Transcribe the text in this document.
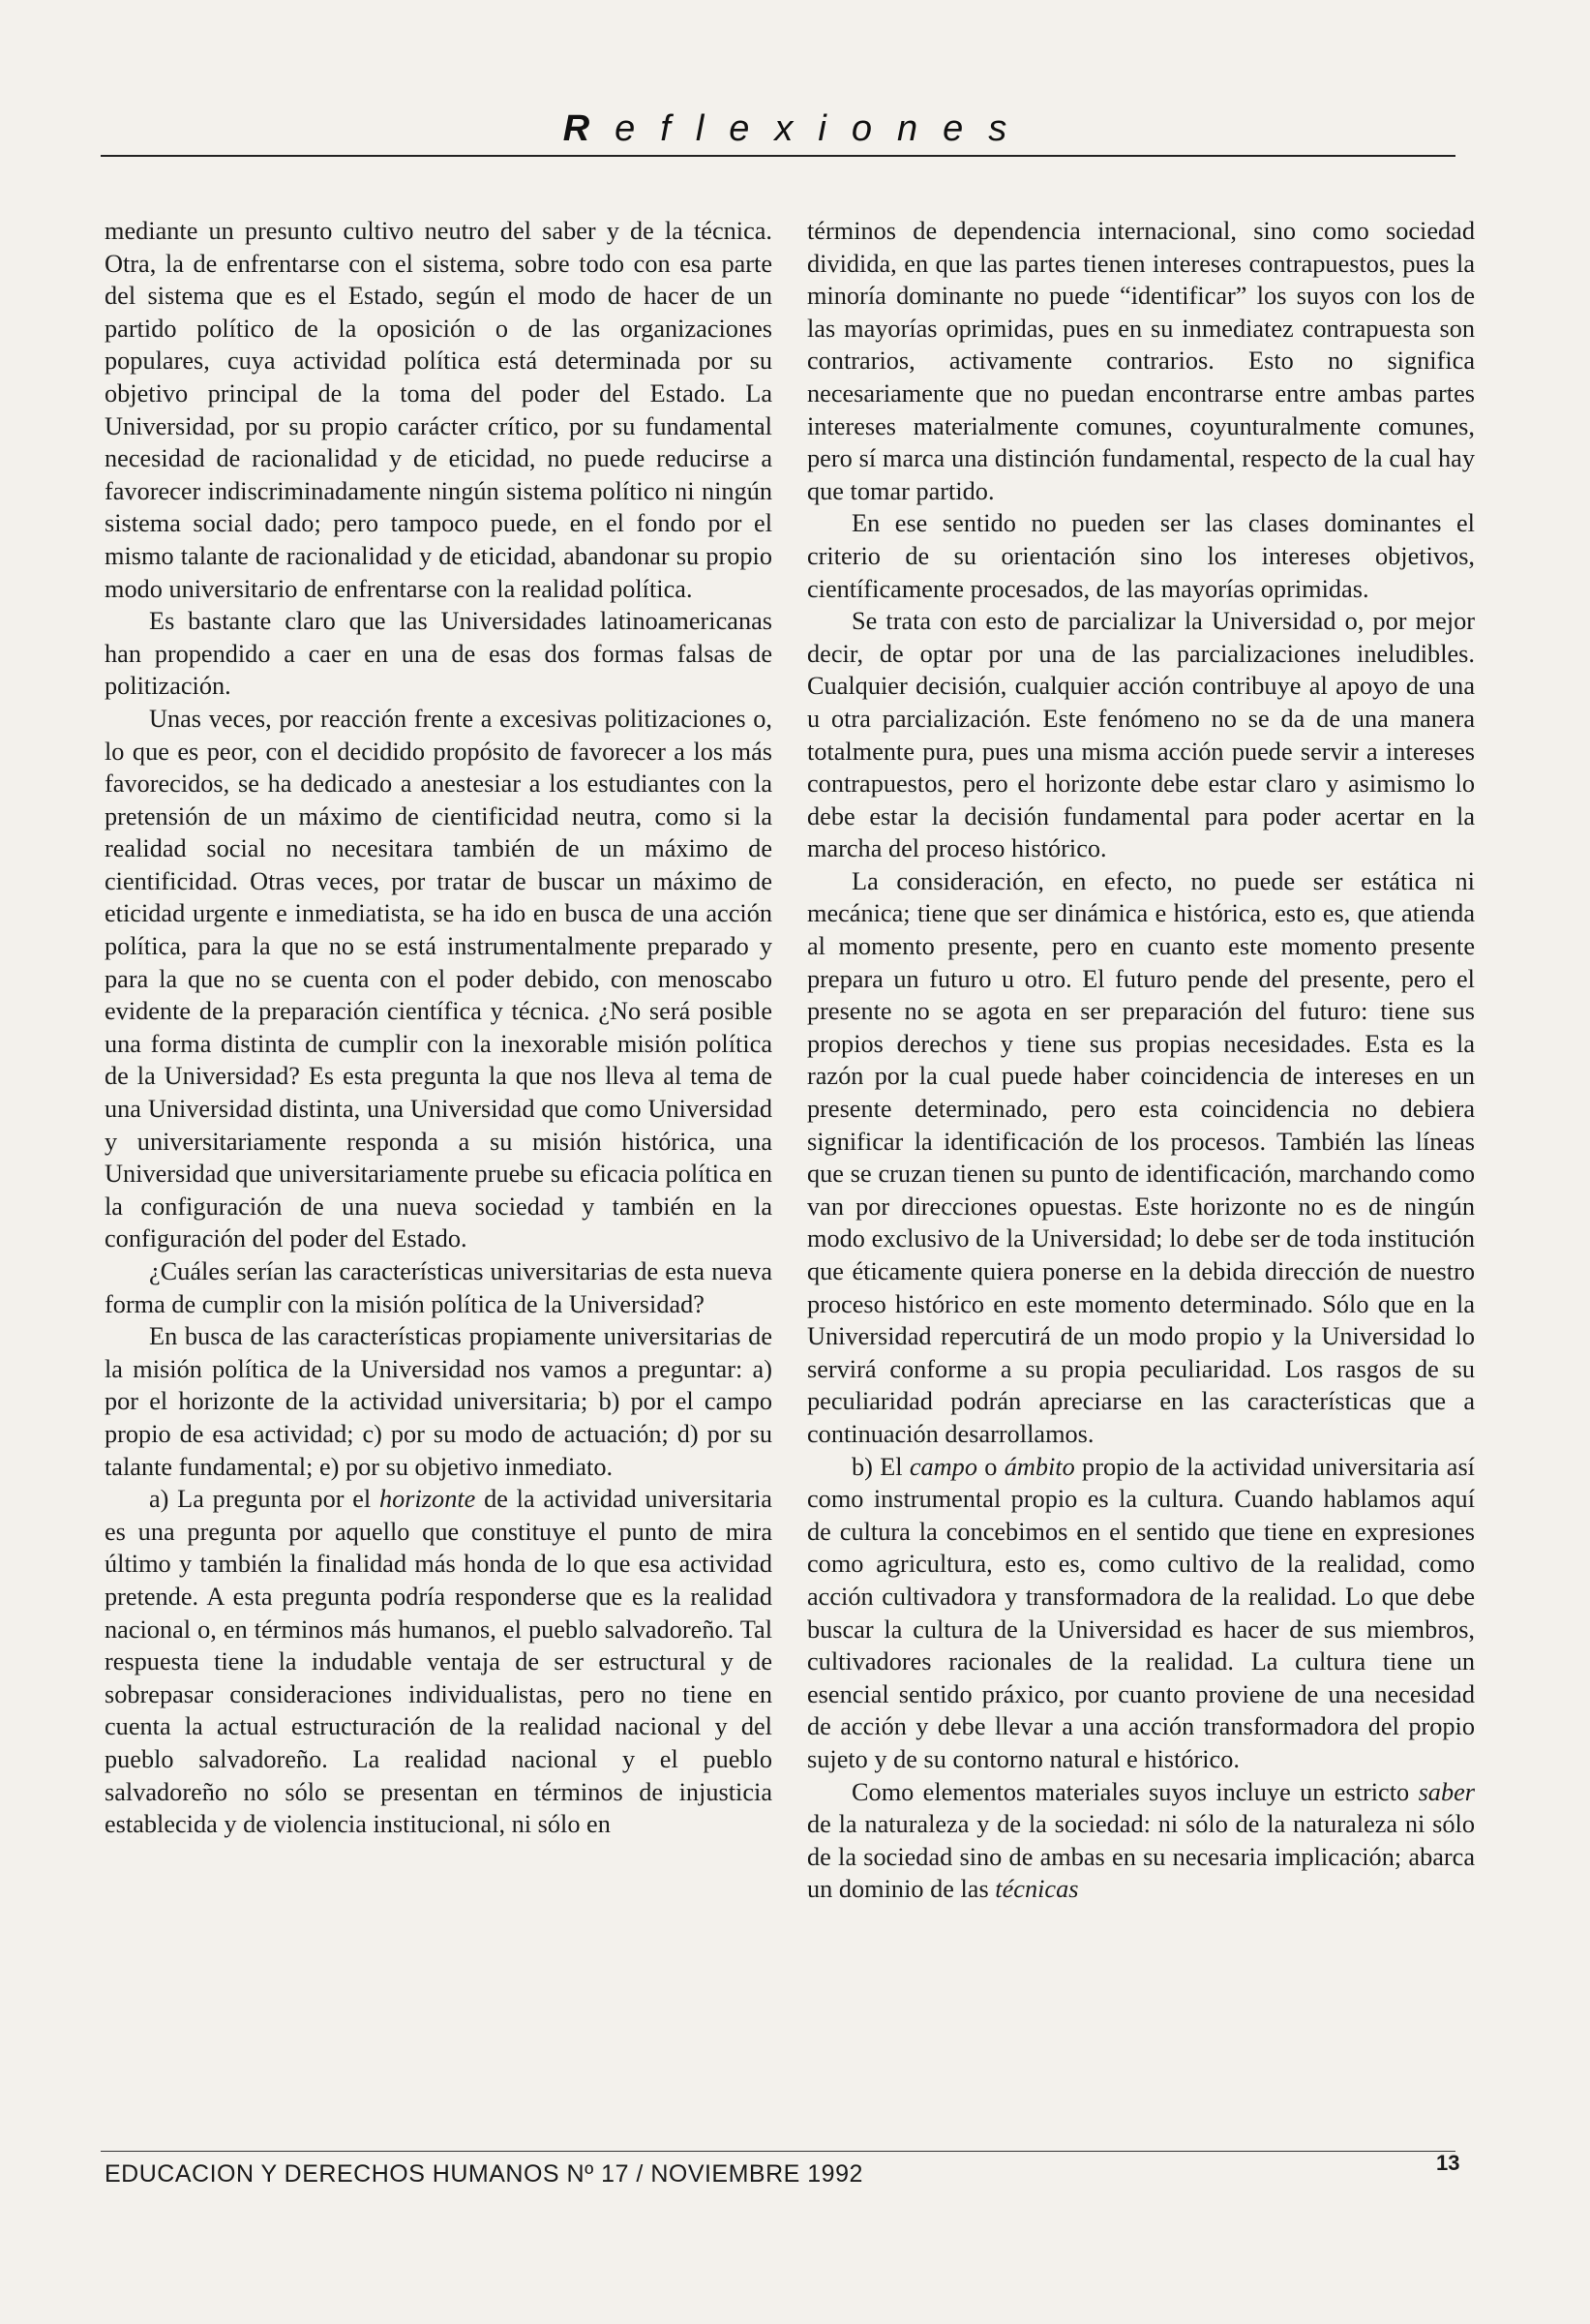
Reflexiones

mediante un presunto cultivo neutro del saber y de la técnica. Otra, la de enfrentarse con el sistema, sobre todo con esa parte del sistema que es el Estado, según el modo de hacer de un partido político de la oposición o de las organizaciones populares, cuya actividad política está determinada por su objetivo principal de la toma del poder del Estado. La Universidad, por su propio carácter crítico, por su fundamental necesidad de racionalidad y de eticidad, no puede reducirse a favorecer indiscriminadamente ningún sistema político ni ningún sistema social dado; pero tampoco puede, en el fondo por el mismo talante de racionalidad y de eticidad, abandonar su propio modo universitario de enfrentarse con la realidad política.

Es bastante claro que las Universidades latinoamericanas han propendido a caer en una de esas dos formas falsas de politización.

Unas veces, por reacción frente a excesivas politizaciones o, lo que es peor, con el decidido propósito de favorecer a los más favorecidos, se ha dedicado a anestesiar a los estudiantes con la pretensión de un máximo de cientificidad neutra, como si la realidad social no necesitara también de un máximo de cientificidad. Otras veces, por tratar de buscar un máximo de eticidad urgente e inmediatista, se ha ido en busca de una acción política, para la que no se está instrumentalmente preparado y para la que no se cuenta con el poder debido, con menoscabo evidente de la preparación científica y técnica. ¿No será posible una forma distinta de cumplir con la inexorable misión política de la Universidad? Es esta pregunta la que nos lleva al tema de una Universidad distinta, una Universidad que como Universidad y universitariamente responda a su misión histórica, una Universidad que universitariamente pruebe su eficacia política en la configuración de una nueva sociedad y también en la configuración del poder del Estado.

¿Cuáles serían las características universitarias de esta nueva forma de cumplir con la misión política de la Universidad?

En busca de las características propiamente universitarias de la misión política de la Universidad nos vamos a preguntar: a) por el horizonte de la actividad universitaria; b) por el campo propio de esa actividad; c) por su modo de actuación; d) por su talante fundamental; e) por su objetivo inmediato.

a) La pregunta por el horizonte de la actividad universitaria es una pregunta por aquello que constituye el punto de mira último y también la finalidad más honda de lo que esa actividad pretende. A esta pregunta podría responderse que es la realidad nacional o, en términos más humanos, el pueblo salvadoreño. Tal respuesta tiene la indudable ventaja de ser estructural y de sobrepasar consideraciones individualistas, pero no tiene en cuenta la actual estructuración de la realidad nacional y del pueblo salvadoreño. La realidad nacional y el pueblo salvadoreño no sólo se presentan en términos de injusticia establecida y de violencia institucional, ni sólo en

términos de dependencia internacional, sino como sociedad dividida, en que las partes tienen intereses contrapuestos, pues la minoría dominante no puede “identificar” los suyos con los de las mayorías oprimidas, pues en su inmediatez contrapuesta son contrarios, activamente contrarios. Esto no significa necesariamente que no puedan encontrarse entre ambas partes intereses materialmente comunes, coyunturalmente comunes, pero sí marca una distinción fundamental, respecto de la cual hay que tomar partido.

En ese sentido no pueden ser las clases dominantes el criterio de su orientación sino los intereses objetivos, científicamente procesados, de las mayorías oprimidas.

Se trata con esto de parcializar la Universidad o, por mejor decir, de optar por una de las parcializaciones ineludibles. Cualquier decisión, cualquier acción contribuye al apoyo de una u otra parcialización. Este fenómeno no se da de una manera totalmente pura, pues una misma acción puede servir a intereses contrapuestos, pero el horizonte debe estar claro y asimismo lo debe estar la decisión fundamental para poder acertar en la marcha del proceso histórico.

La consideración, en efecto, no puede ser estática ni mecánica; tiene que ser dinámica e histórica, esto es, que atienda al momento presente, pero en cuanto este momento presente prepara un futuro u otro. El futuro pende del presente, pero el presente no se agota en ser preparación del futuro: tiene sus propios derechos y tiene sus propias necesidades. Esta es la razón por la cual puede haber coincidencia de intereses en un presente determinado, pero esta coincidencia no debiera significar la identificación de los procesos. También las líneas que se cruzan tienen su punto de identificación, marchando como van por direcciones opuestas. Este horizonte no es de ningún modo exclusivo de la Universidad; lo debe ser de toda institución que éticamente quiera ponerse en la debida dirección de nuestro proceso histórico en este momento determinado. Sólo que en la Universidad repercutirá de un modo propio y la Universidad lo servirá conforme a su propia peculiaridad. Los rasgos de su peculiaridad podrán apreciarse en las características que a continuación desarrollamos.

b) El campo o ámbito propio de la actividad universitaria así como instrumental propio es la cultura. Cuando hablamos aquí de cultura la concebimos en el sentido que tiene en expresiones como agricultura, esto es, como cultivo de la realidad, como acción cultivadora y transformadora de la realidad. Lo que debe buscar la cultura de la Universidad es hacer de sus miembros, cultivadores racionales de la realidad. La cultura tiene un esencial sentido práxico, por cuanto proviene de una necesidad de acción y debe llevar a una acción transformadora del propio sujeto y de su contorno natural e histórico.

Como elementos materiales suyos incluye un estricto saber de la naturaleza y de la sociedad: ni sólo de la naturaleza ni sólo de la sociedad sino de ambas en su necesaria implicación; abarca un dominio de las técnicas

EDUCACION Y DERECHOS HUMANOS Nº 17 / NOVIEMBRE 1992	13
